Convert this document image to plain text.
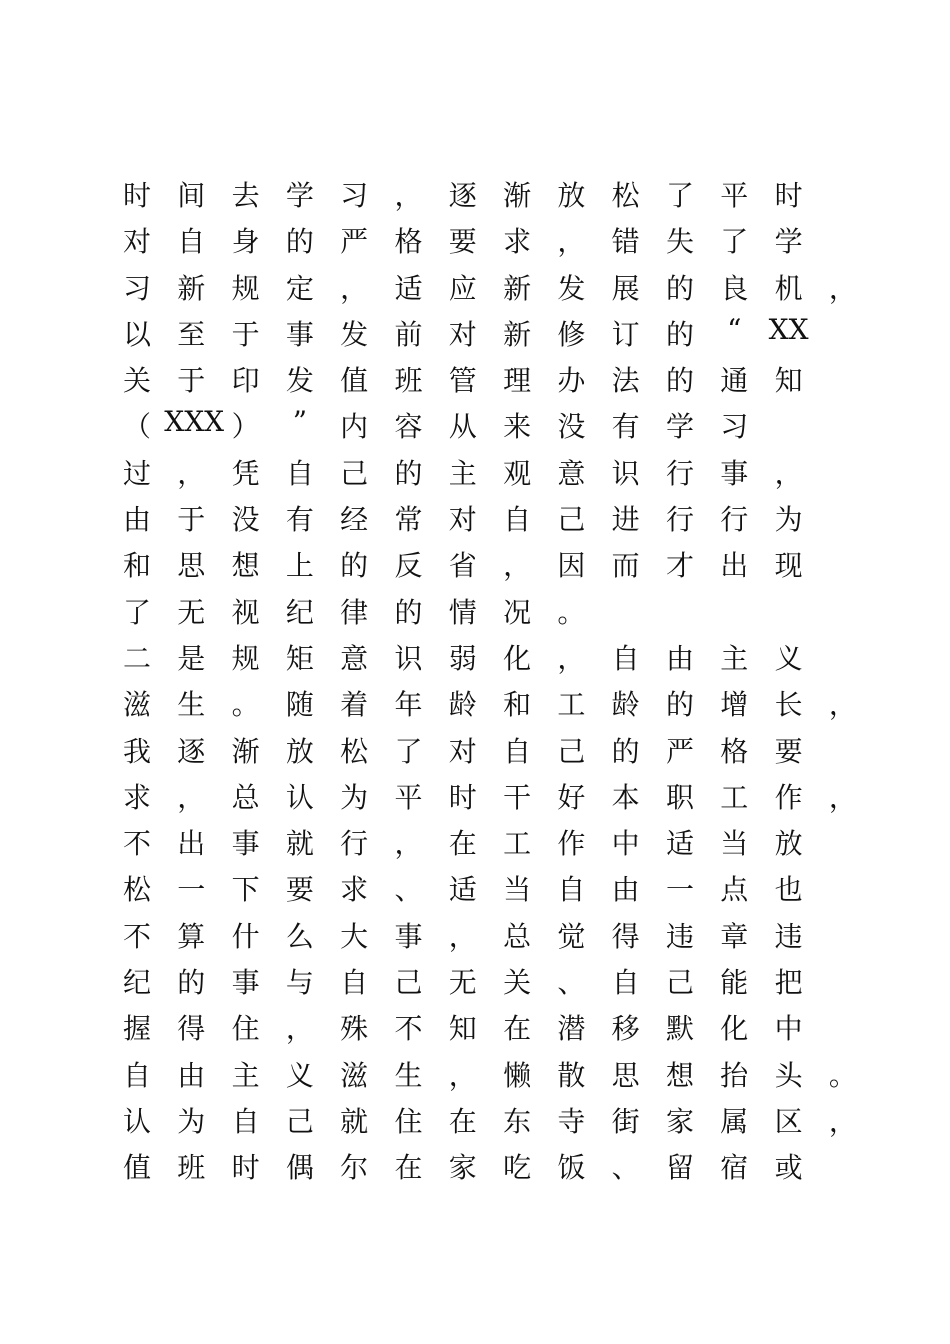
时 间 去 学 习 ， 逐 渐 放 松 了 平 时
对 自 身 的 严 格 要 求 ， 错 失 了 学
习 新 规 定 ， 适 应 新 发 展 的 良 机 ，
以 至 于 事 发 前 对 新 修 订 的	“ XX
关 于 印 发 值 班 管 理 办 法 的 通 知
（ XXX ）	”	内 容 从 来 没 有 学 习
过 ， 凭 自 己 的 主 观 意 识 行 事 ，
由 于 没 有 经 常 对 自 己 进 行 行 为
和 思 想 上 的 反 省 ， 因 而 才 出 现
了 无 视 纪 律 的 情 况 。
二 是 规 矩 意 识 弱 化 ， 自 由 主 义
滋 生 。 随 着 年 龄 和 工 龄 的 增 长 ，
我 逐 渐 放 松 了 对 自 己 的 严 格 要
求 ， 总 认 为 平 时 干 好 本 职 工 作 ，
不 出 事 就 行 ， 在 工 作 中 适 当 放
松 一 下 要 求 、 适 当 自 由 一 点 也
不 算 什 么 大 事 ， 总 觉 得 违 章 违
纪 的 事 与 自 己 无 关 、 自 己 能 把
握 得 住 ， 殊 不 知 在 潜 移 默 化 中
自 由 主 义 滋 生 ， 懒 散 思 想 抬 头 。
认 为 自 己 就 住 在 东 寺 街 家 属 区 ，
值 班 时 偶 尔 在 家 吃 饭 、 留 宿 或
